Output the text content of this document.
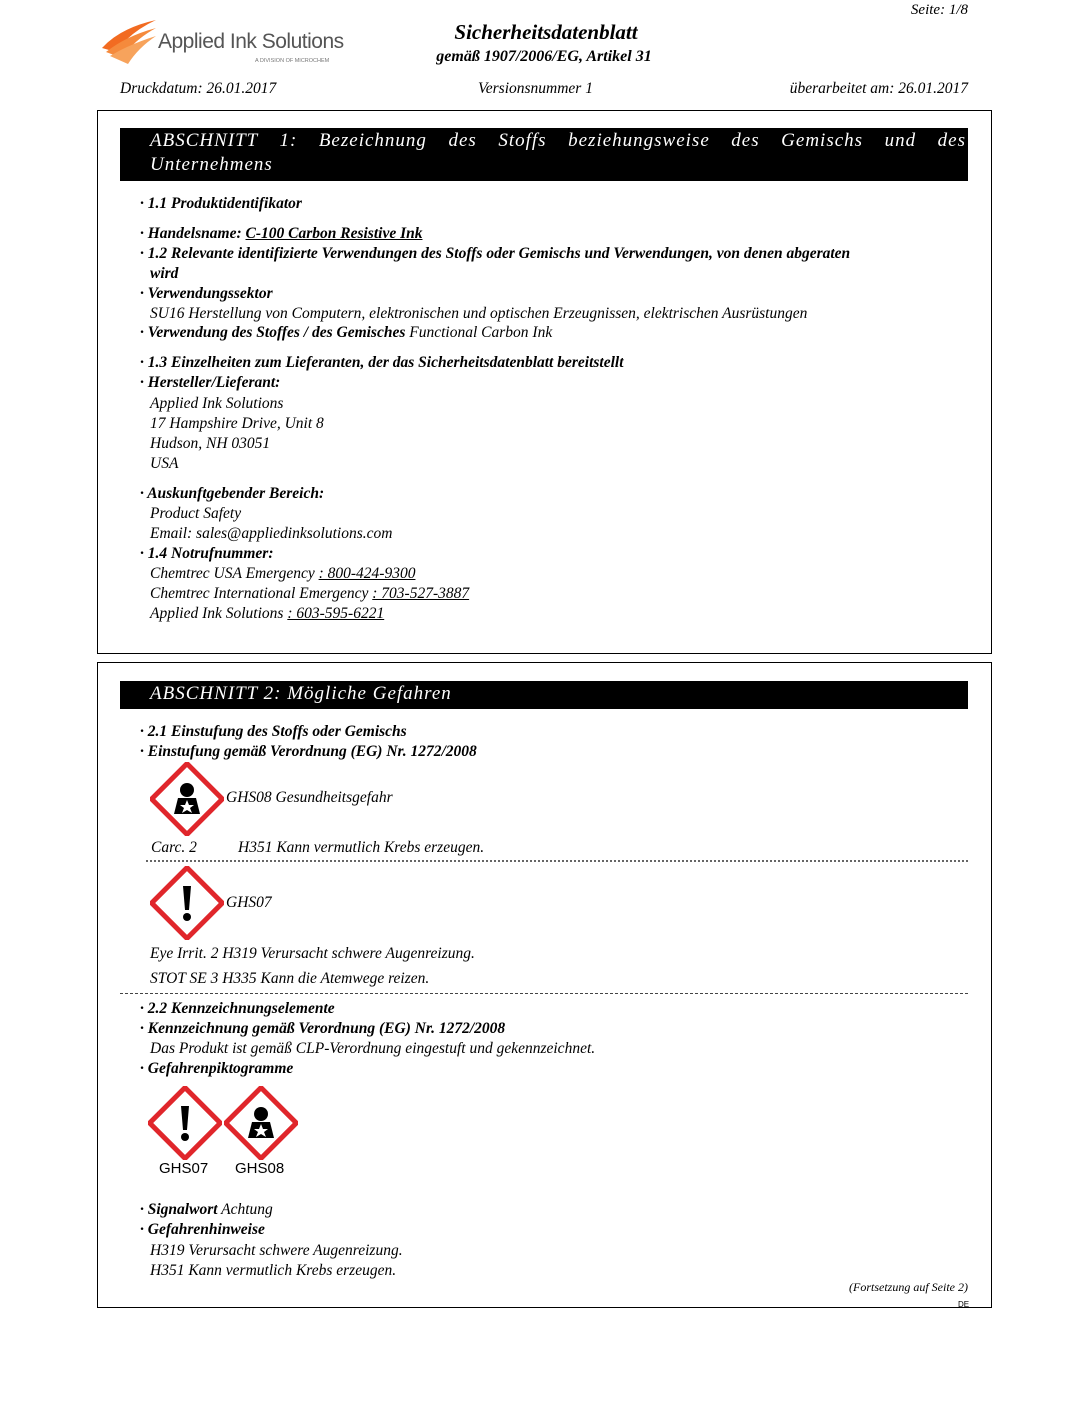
Seite: 1/8
Applied Ink Solutions
A DIVISION OF MICROCHEM
Sicherheitsdatenblatt
gemäß 1907/2006/EG, Artikel 31
Druckdatum: 26.01.2017	Versionsnummer 1	überarbeitet am: 26.01.2017
ABSCHNITT 1: Bezeichnung des Stoffs beziehungsweise des Gemischs und des
Unternehmens
· 1.1 Produktidentifikator
· Handelsname: C-100 Carbon Resistive Ink
· 1.2 Relevante identifizierte Verwendungen des Stoffs oder Gemischs und Verwendungen, von denen abgeraten
wird
· Verwendungssektor
SU16 Herstellung von Computern, elektronischen und optischen Erzeugnissen, elektrischen Ausrüstungen
· Verwendung des Stoffes / des Gemisches Functional Carbon Ink
· 1.3 Einzelheiten zum Lieferanten, der das Sicherheitsdatenblatt bereitstellt
· Hersteller/Lieferant:
Applied Ink Solutions
17 Hampshire Drive, Unit 8
Hudson, NH 03051
USA
· Auskunftgebender Bereich:
Product Safety
Email: sales@appliedinksolutions.com
· 1.4 Notrufnummer:
Chemtrec USA Emergency : 800-424-9300
Chemtrec International Emergency : 703-527-3887
Applied Ink Solutions : 603-595-6221
ABSCHNITT 2: Mögliche Gefahren
· 2.1 Einstufung des Stoffs oder Gemischs
· Einstufung gemäß Verordnung (EG) Nr. 1272/2008
GHS08 Gesundheitsgefahr
Carc. 2	H351 Kann vermutlich Krebs erzeugen.
GHS07
Eye Irrit. 2 H319 Verursacht schwere Augenreizung.
STOT SE 3 H335 Kann die Atemwege reizen.
· 2.2 Kennzeichnungselemente
· Kennzeichnung gemäß Verordnung (EG) Nr. 1272/2008
Das Produkt ist gemäß CLP-Verordnung eingestuft und gekennzeichnet.
· Gefahrenpiktogramme
GHS07 GHS08
· Signalwort Achtung
· Gefahrenhinweise
H319 Verursacht schwere Augenreizung.
H351 Kann vermutlich Krebs erzeugen.
(Fortsetzung auf Seite 2)
DE
